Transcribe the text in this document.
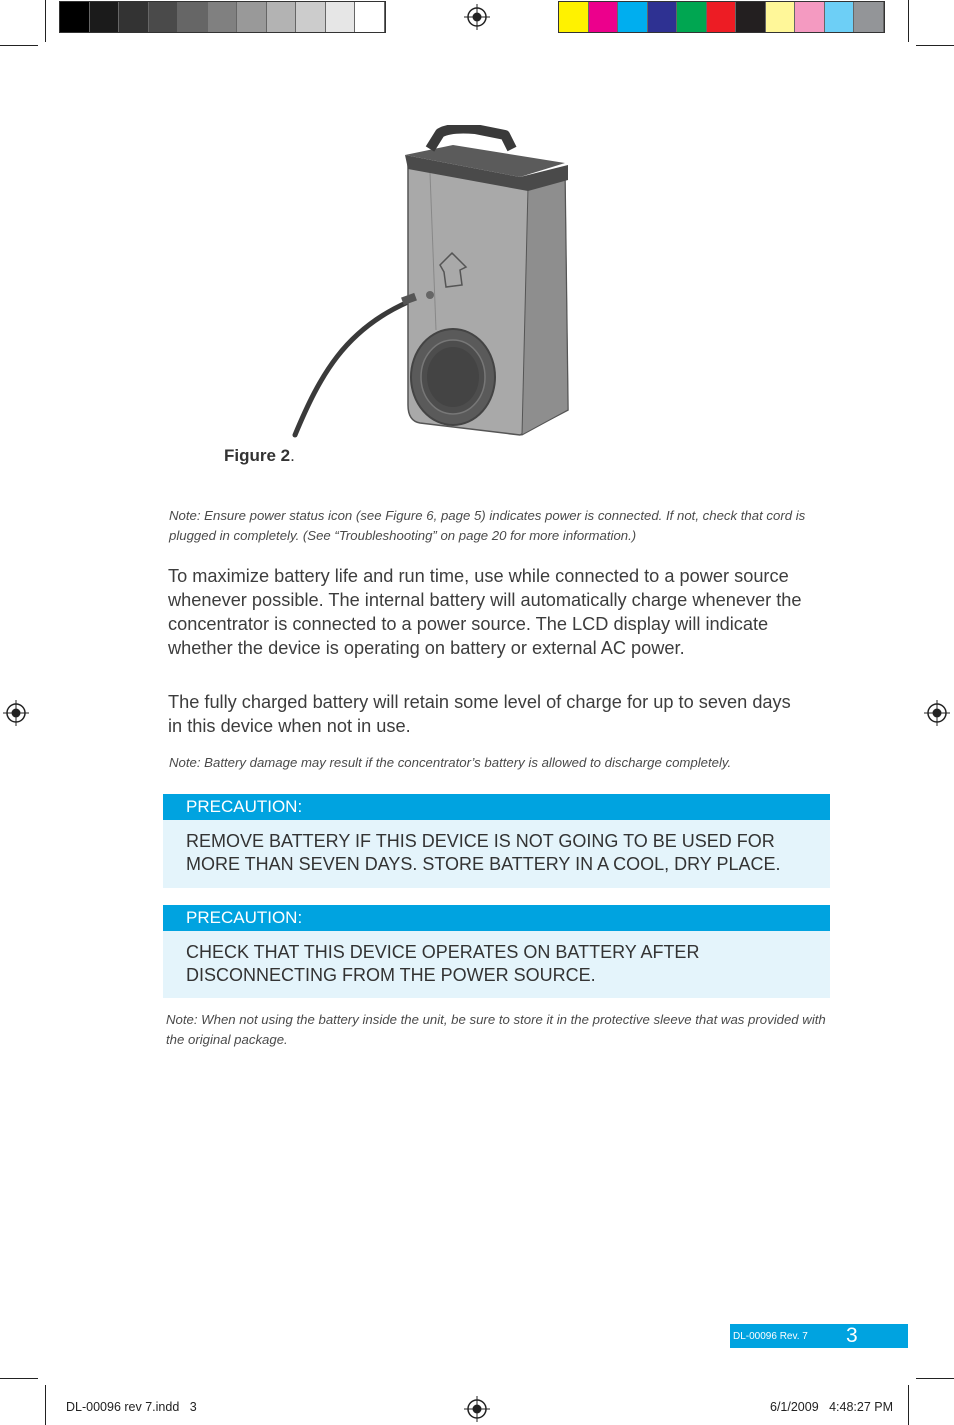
Figure 2.
Note: Ensure power status icon (see Figure 6, page 5) indicates power is connected. If not, check that cord is plugged in completely. (See “Troubleshooting” on page 20 for more information.)
To maximize battery life and run time, use while connected to a power source whenever possible. The internal battery will automatically charge whenever the concentrator is connected to a power source. The LCD display will indicate whether the device is operating on battery or external AC power.
The fully charged battery will retain some level of charge for up to seven days in this device when not in use.
Note: Battery damage may result if the concentrator’s battery is allowed to discharge completely.
PRECAUTION:
REMOVE BATTERY IF THIS DEVICE IS NOT GOING TO BE USED FOR MORE THAN SEVEN DAYS. STORE BATTERY IN A COOL, DRY PLACE.
PRECAUTION:
CHECK THAT THIS DEVICE OPERATES ON BATTERY AFTER DISCONNECTING FROM THE POWER SOURCE.
Note: When not using the battery inside the unit, be sure to store it in the protective sleeve that was provided with the original package.
DL-00096 Rev. 7 3
DL-00096 rev 7.indd   3	6/1/2009   4:48:27 PM
